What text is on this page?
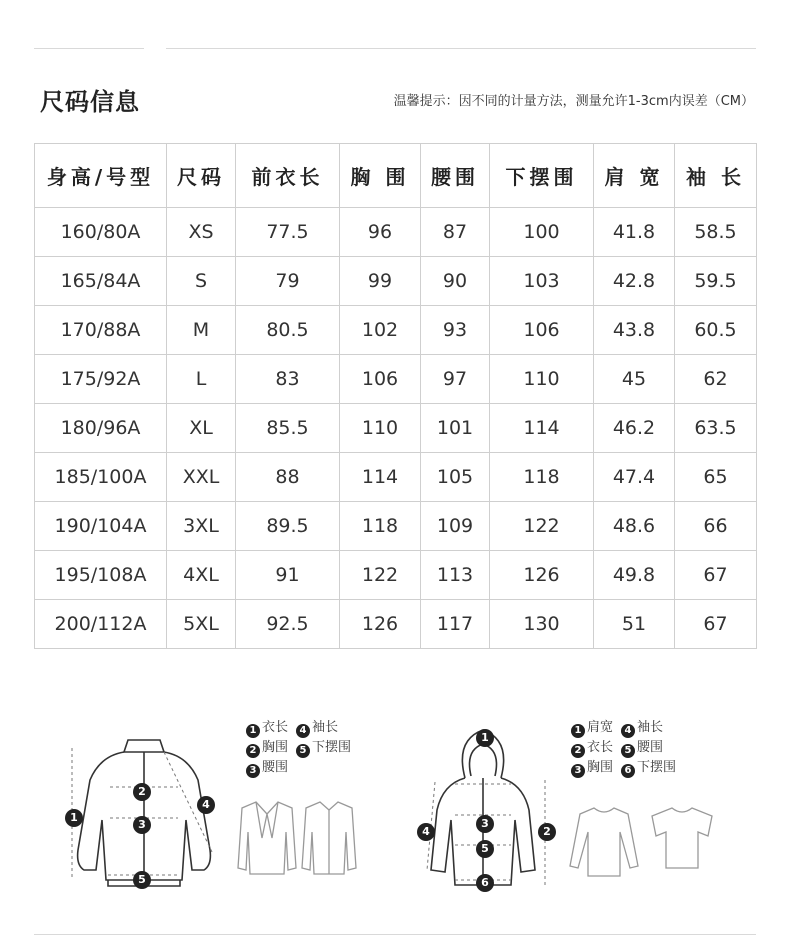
尺码信息	温馨提示：因不同的计量方法，测量允许1-3cm内误差（CM）
身高/号型	尺码	前衣长	胸 围	腰围	下摆围	肩 宽	袖 长
160/80A	XS	77.5	96	87	100	41.8	58.5
165/84A	S	79	99	90	103	42.8	59.5
170/88A	M	80.5	102	93	106	43.8	60.5
175/92A	L	83	106	97	110	45	62
180/96A	XL	85.5	110	101	114	46.2	63.5
185/100A	XXL	88	114	105	118	47.4	65
190/104A	3XL	89.5	118	109	122	48.6	66
195/108A	4XL	91	122	113	126	49.8	67
200/112A	5XL	92.5	126	117	130	51	67
1
2
3
4
5
1 衣长 4 袖长
2 胸围 5 下摆围
3 腰围
1
2
3
4
5
6
1 肩宽 4 袖长
2 衣长 5 腰围
3 胸围 6 下摆围
